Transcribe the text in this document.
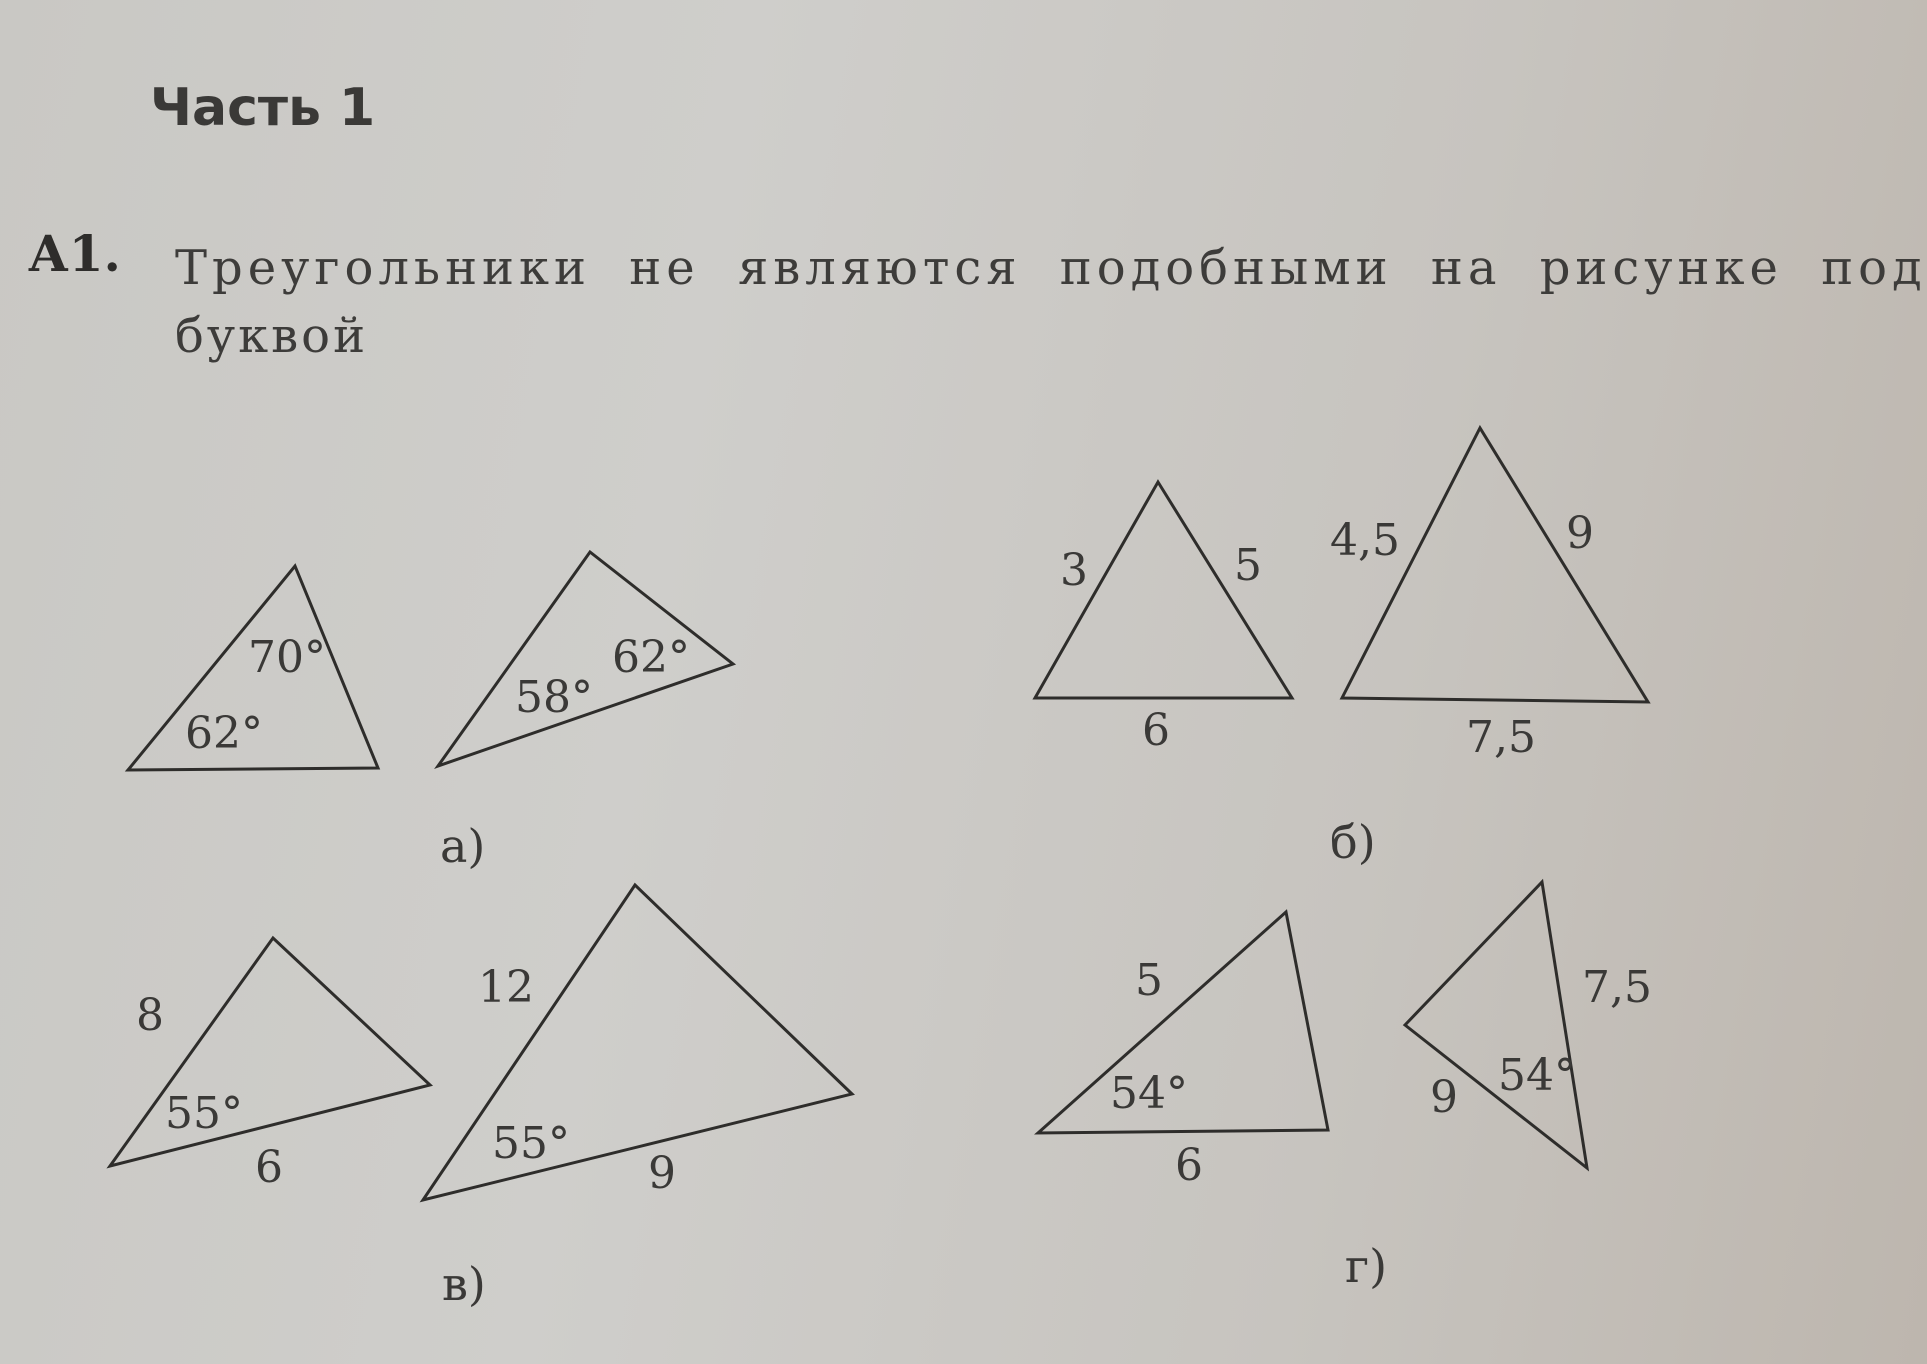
Часть 1
А1. Треугольники не являются подобными на рисунке под
буквой
70°
62°
58°
62°
а)
3	5
6
4,5	9
7,5
б)
8
55°
6
12
55°
9
в)
5
54°
6
7,5
9 54°
г)
